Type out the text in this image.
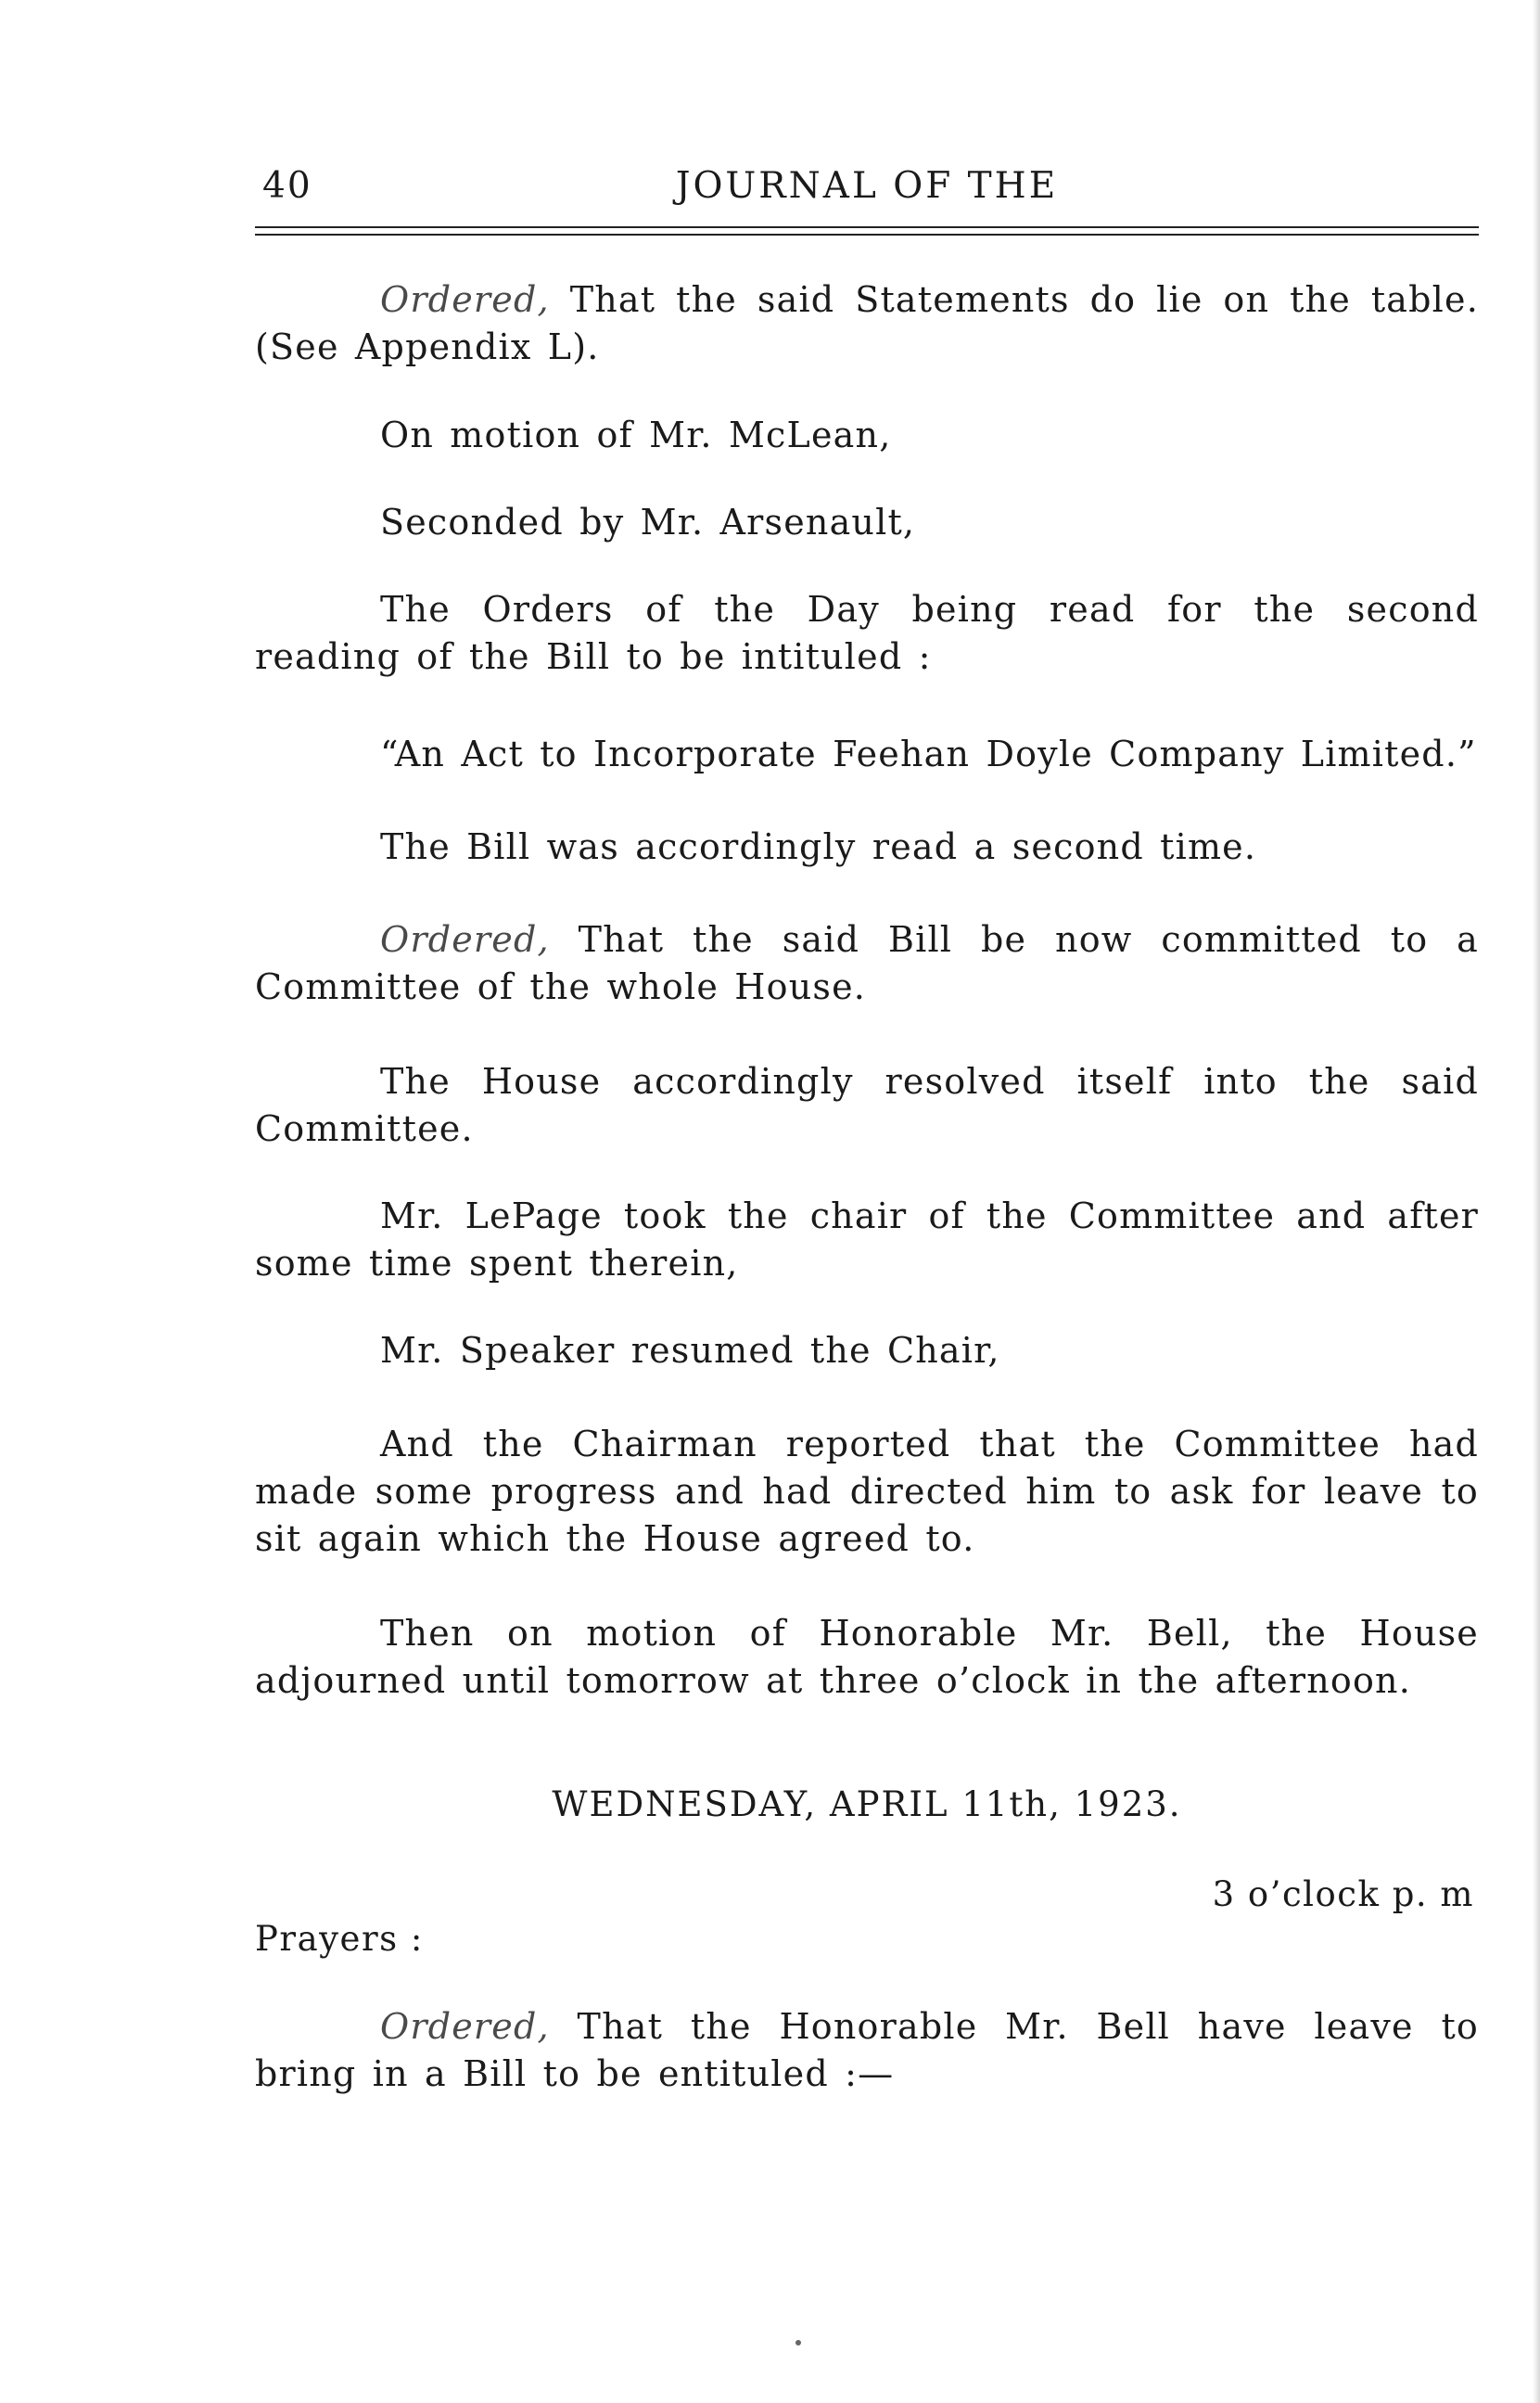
40	JOURNAL OF THE

Ordered, That the said Statements do lie on the table. (See Appendix L).

On motion of Mr. McLean,

Seconded by Mr. Arsenault,

The Orders of the Day being read for the second reading of the Bill to be intituled :

“An Act to Incorporate Feehan Doyle Company Limited.”

The Bill was accordingly read a second time.

Ordered, That the said Bill be now committed to a Committee of the whole House.

The House accordingly resolved itself into the said Committee.

Mr. LePage took the chair of the Committee and after some time spent therein,

Mr. Speaker resumed the Chair,

And the Chairman reported that the Committee had made some progress and had directed him to ask for leave to sit again which the House agreed to.

Then on motion of Honorable Mr. Bell, the House adjourned until tomorrow at three o’clock in the afternoon.

WEDNESDAY, APRIL 11th, 1923.
3 o’clock p. m
Prayers :

Ordered, That the Honorable Mr. Bell have leave to bring in a Bill to be entituled :—
